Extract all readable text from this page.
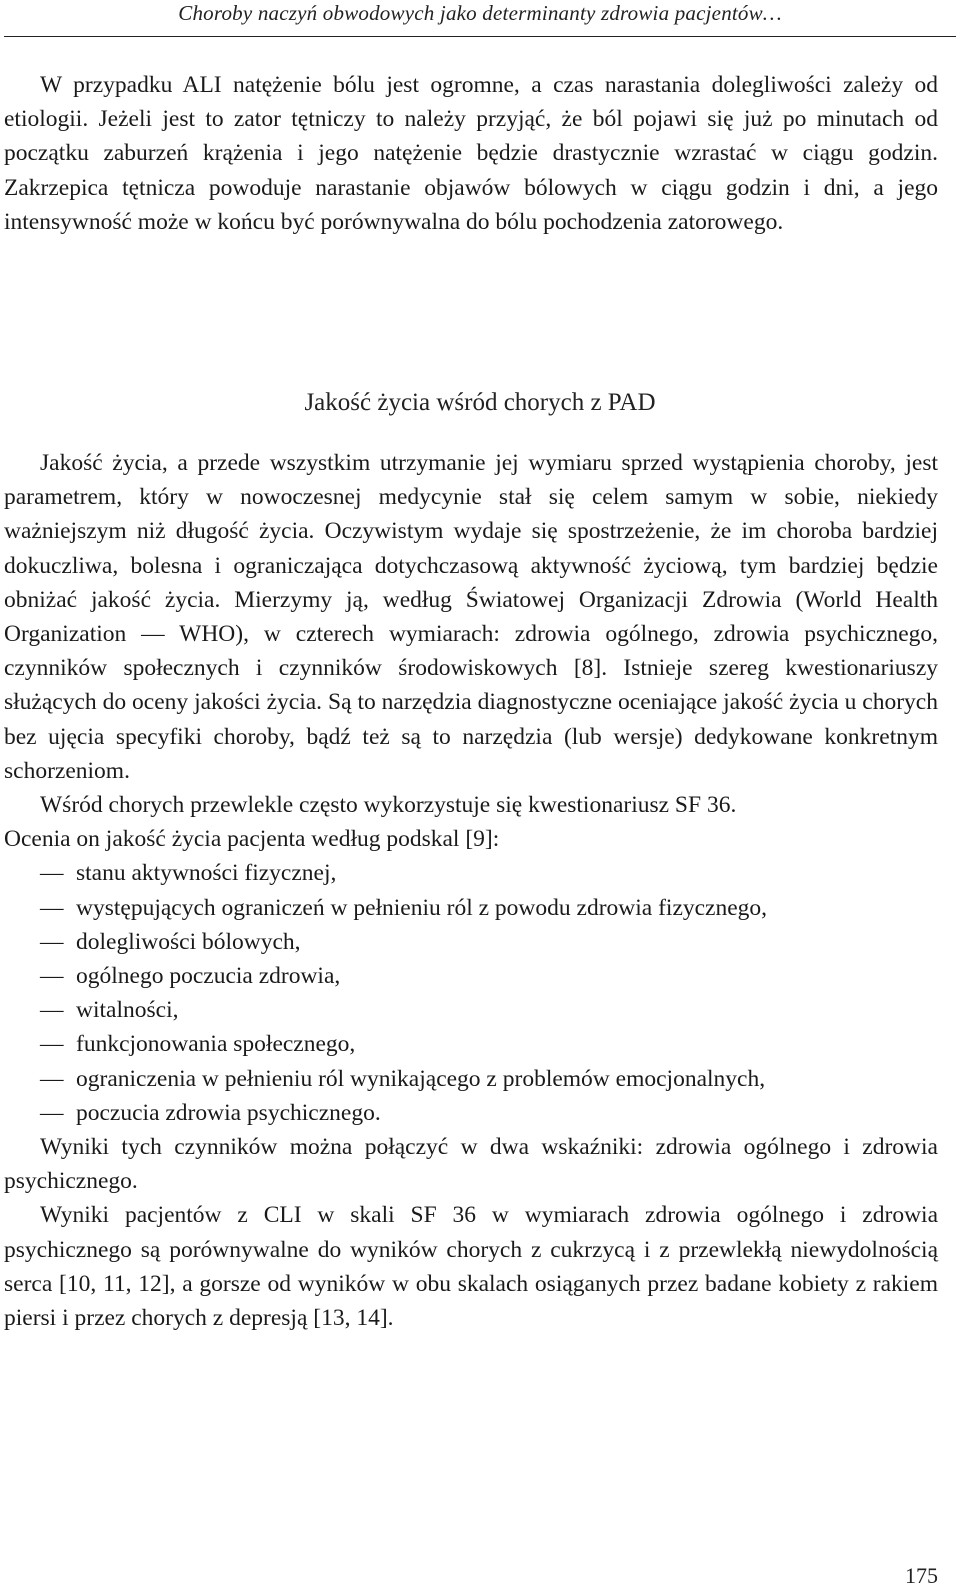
Choroby naczyń obwodowych jako determinanty zdrowia pacjentów…

W przypadku ALI natężenie bólu jest ogromne, a czas narastania dolegliwości zależy od etiologii. Jeżeli jest to zator tętniczy to należy przyjąć, że ból pojawi się już po minutach od początku zaburzeń krążenia i jego natężenie będzie drastycznie wzrastać w ciągu godzin. Zakrzepica tętnicza powoduje narastanie objawów bólowych w ciągu godzin i dni, a jego intensywność może w końcu być porównywalna do bólu pochodzenia zatorowego.

Jakość życia wśród chorych z PAD

Jakość życia, a przede wszystkim utrzymanie jej wymiaru sprzed wystąpienia choroby, jest parametrem, który w nowoczesnej medycynie stał się celem samym w sobie, niekiedy ważniejszym niż długość życia. Oczywistym wydaje się spostrzeżenie, że im choroba bardziej dokuczliwa, bolesna i ograniczająca dotychczasową aktywność życiową, tym bardziej będzie obniżać jakość życia. Mierzymy ją, według Światowej Organizacji Zdrowia (World Health Organization — WHO), w czterech wymiarach: zdrowia ogólnego, zdrowia psychicznego, czynników społecznych i czynników środowiskowych [8]. Istnieje szereg kwestionariuszy służących do oceny jakości życia. Są to narzędzia diagnostyczne oceniające jakość życia u chorych bez ujęcia specyfiki choroby, bądź też są to narzędzia (lub wersje) dedykowane konkretnym schorzeniom.

Wśród chorych przewlekle często wykorzystuje się kwestionariusz SF 36.

Ocenia on jakość życia pacjenta według podskal [9]:

— stanu aktywności fizycznej,
— występujących ograniczeń w pełnieniu ról z powodu zdrowia fizycznego,
— dolegliwości bólowych,
— ogólnego poczucia zdrowia,
— witalności,
— funkcjonowania społecznego,
— ograniczenia w pełnieniu ról wynikającego z problemów emocjonalnych,
— poczucia zdrowia psychicznego.

Wyniki tych czynników można połączyć w dwa wskaźniki: zdrowia ogólnego i zdrowia psychicznego.

Wyniki pacjentów z CLI w skali SF 36 w wymiarach zdrowia ogólnego i zdrowia psychicznego są porównywalne do wyników chorych z cukrzycą i z przewlekłą niewydolnością serca [10, 11, 12], a gorsze od wyników w obu skalach osiąganych przez badane kobiety z rakiem piersi i przez chorych z depresją [13, 14].

175
